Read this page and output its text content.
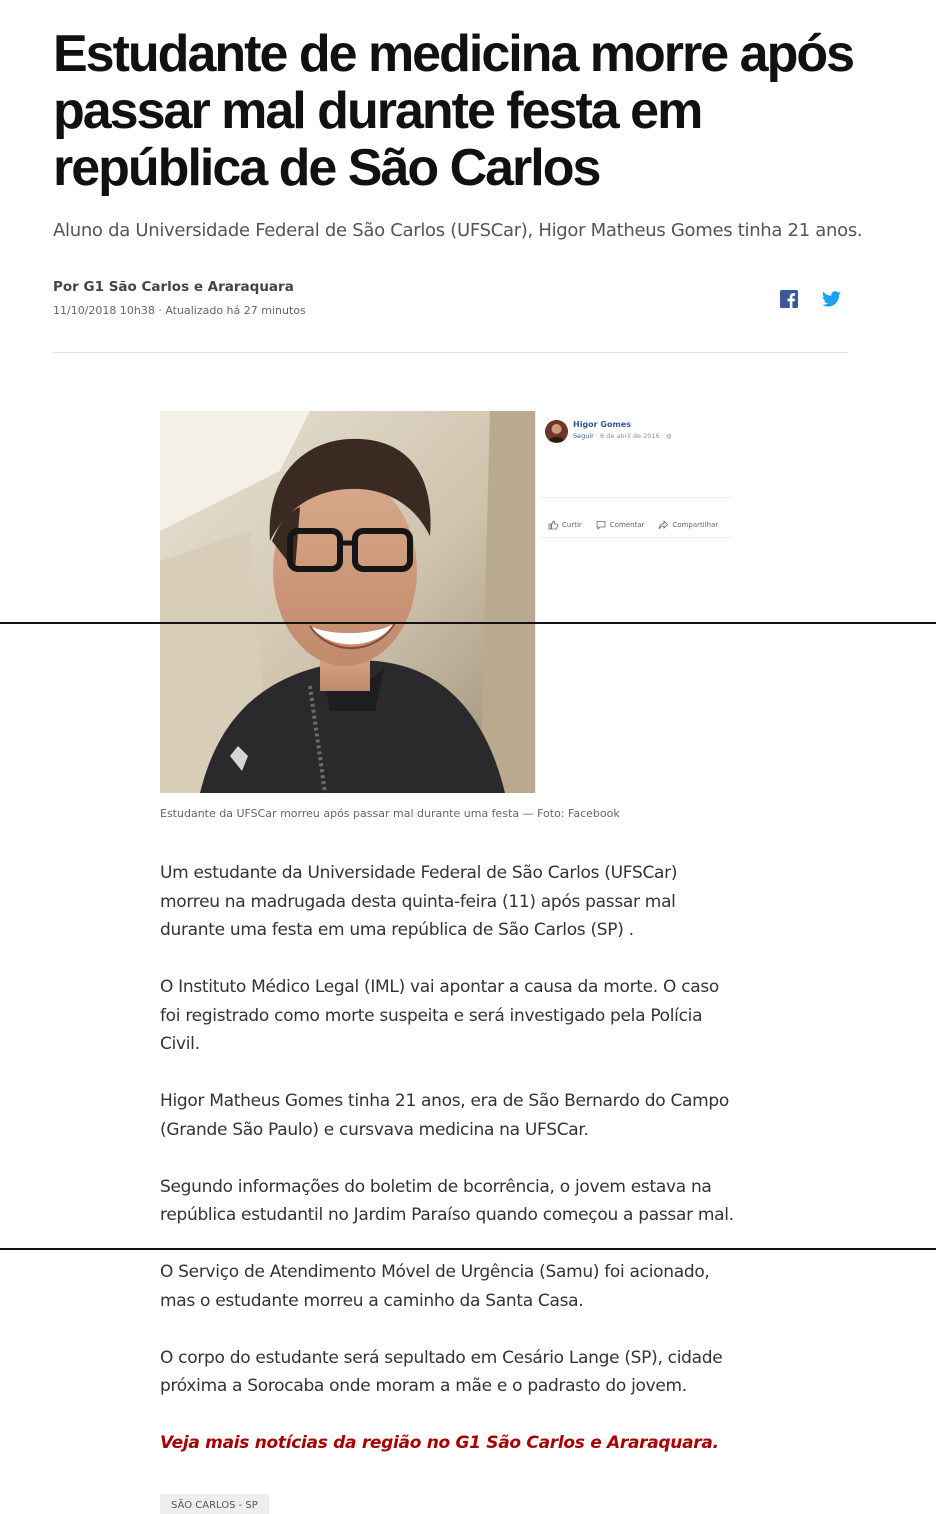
Estudante de medicina morre após passar mal durante festa em república de São Carlos

Aluno da Universidade Federal de São Carlos (UFSCar), Higor Matheus Gomes tinha 21 anos.

Por G1 São Carlos e Araraquara
11/10/2018 10h38 · Atualizado há 27 minutos
Higor Gomes
Seguir · 6 de abril de 2016 · ◍
Curtir	Comentar	Compartilhar
Estudante da UFSCar morreu após passar mal durante uma festa — Foto: Facebook

Um estudante da Universidade Federal de São Carlos (UFSCar) morreu na madrugada desta quinta-feira (11) após passar mal durante uma festa em uma república de São Carlos (SP) .

O Instituto Médico Legal (IML) vai apontar a causa da morte. O caso foi registrado como morte suspeita e será investigado pela Polícia Civil.

Higor Matheus Gomes tinha 21 anos, era de São Bernardo do Campo (Grande São Paulo) e cursvava medicina na UFSCar.

Segundo informações do boletim de bcorrência, o jovem estava na república estudantil no Jardim Paraíso quando começou a passar mal.

O Serviço de Atendimento Móvel de Urgência (Samu) foi acionado, mas o estudante morreu a caminho da Santa Casa.

O corpo do estudante será sepultado em Cesário Lange (SP), cidade próxima a Sorocaba onde moram a mãe e o padrasto do jovem.

Veja mais notícias da região no G1 São Carlos e Araraquara.

SÃO CARLOS - SP
